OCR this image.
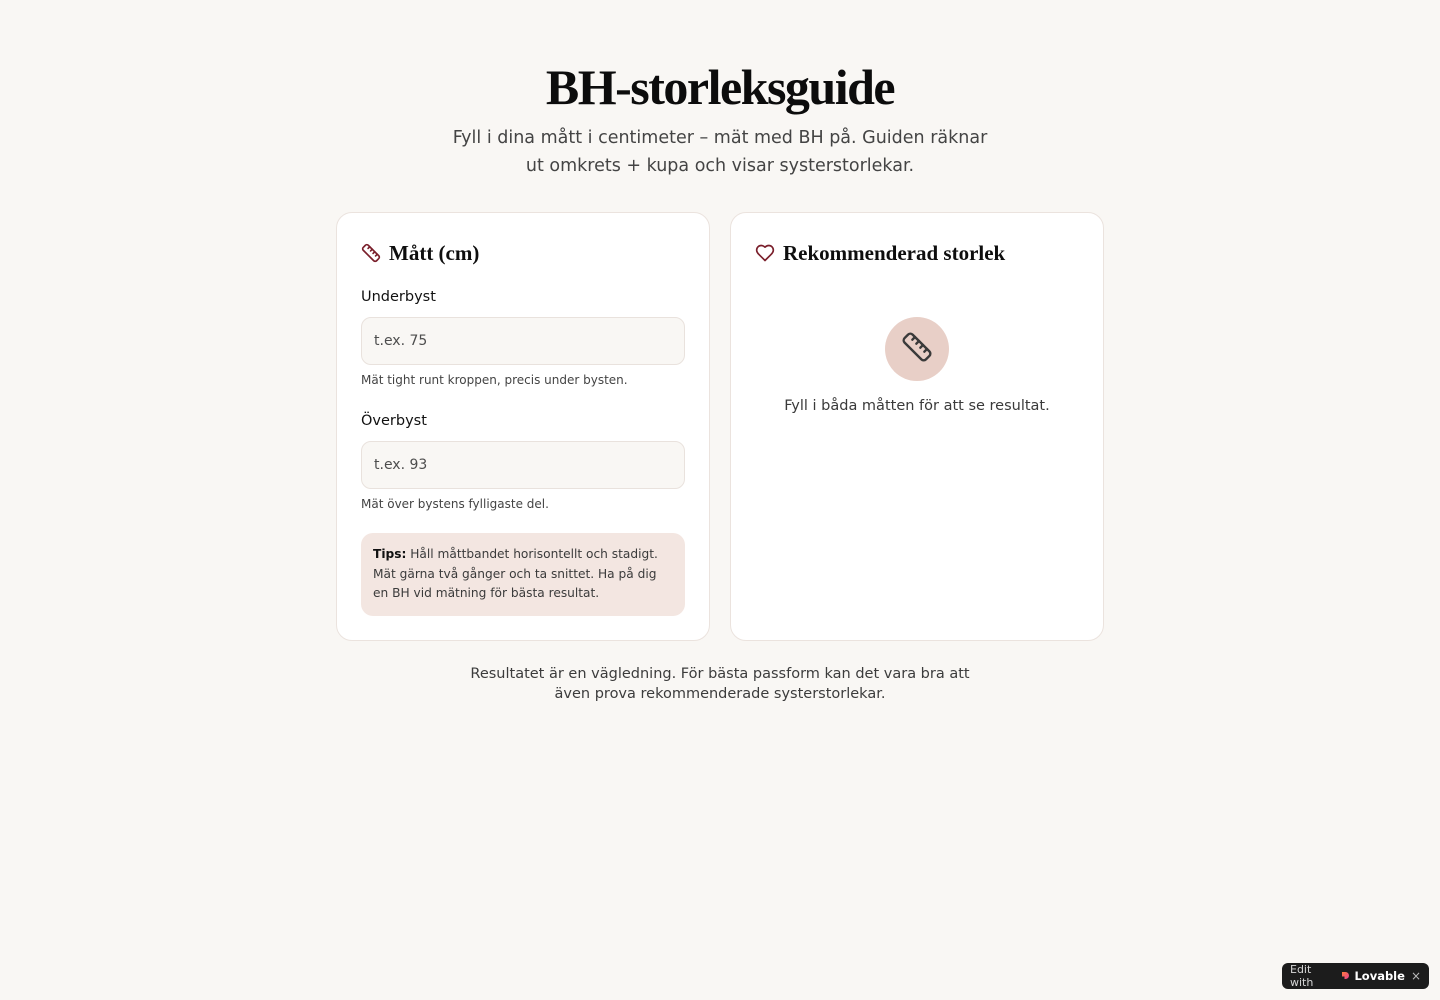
BH-storleksguide

Fyll i dina mått i centimeter – mät med BH på. Guiden räknar ut omkrets + kupa och visar systerstorlekar.

Mått (cm)
Underbyst
t.ex. 75
Mät tight runt kroppen, precis under bysten.
Överbyst
t.ex. 93
Mät över bystens fylligaste del.
Tips: Håll måttbandet horisontellt och stadigt. Mät gärna två gånger och ta snittet. Ha på dig en BH vid mätning för bästa resultat.
Rekommenderad storlek
Fyll i båda måtten för att se resultat.

Resultatet är en vägledning. För bästa passform kan det vara bra att även prova rekommenderade systerstorlekar.

Edit with	Lovable ×
